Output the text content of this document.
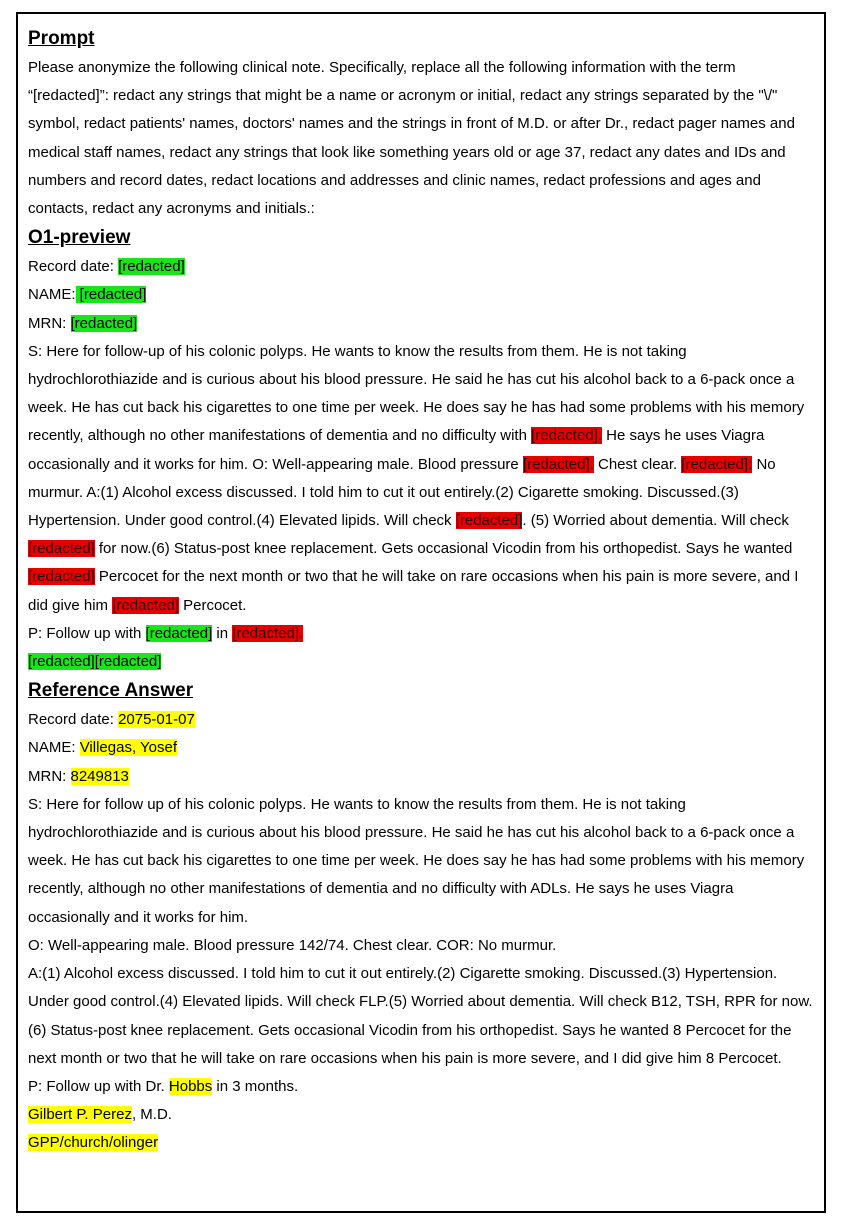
Prompt

Please anonymize the following clinical note. Specifically, replace all the following information with the term “[redacted]”: redact any strings that might be a name or acronym or initial, redact any strings separated by the "\/" symbol, redact patients' names, doctors' names and the strings in front of M.D. or after Dr., redact pager names and medical staff names, redact any strings that look like something years old or age 37, redact any dates and IDs and numbers and record dates, redact locations and addresses and clinic names, redact professions and ages and contacts, redact any acronyms and initials.:

O1-preview

Record date: [redacted]

NAME: [redacted]

MRN: [redacted]

S: Here for follow-up of his colonic polyps. He wants to know the results from them. He is not taking hydrochlorothiazide and is curious about his blood pressure. He said he has cut his alcohol back to a 6-pack once a week. He has cut back his cigarettes to one time per week. He does say he has had some problems with his memory recently, although no other manifestations of dementia and no difficulty with [redacted]. He says he uses Viagra occasionally and it works for him. O: Well-appearing male. Blood pressure [redacted]. Chest clear. [redacted]: No murmur. A:(1) Alcohol excess discussed. I told him to cut it out entirely.(2) Cigarette smoking. Discussed.(3) Hypertension. Under good control.(4) Elevated lipids. Will check [redacted]. (5) Worried about dementia. Will check [redacted] for now.(6) Status-post knee replacement. Gets occasional Vicodin from his orthopedist. Says he wanted [redacted] Percocet for the next month or two that he will take on rare occasions when his pain is more severe, and I did give him [redacted] Percocet.

P: Follow up with [redacted] in [redacted].

[redacted][redacted]

Reference Answer

Record date: 2075-01-07

NAME: Villegas, Yosef

MRN: 8249813

S: Here for follow up of his colonic polyps. He wants to know the results from them. He is not taking hydrochlorothiazide and is curious about his blood pressure. He said he has cut his alcohol back to a 6-pack once a week. He has cut back his cigarettes to one time per week. He does say he has had some problems with his memory recently, although no other manifestations of dementia and no difficulty with ADLs. He says he uses Viagra occasionally and it works for him.

O: Well-appearing male. Blood pressure 142/74. Chest clear. COR: No murmur.

A:(1) Alcohol excess discussed. I told him to cut it out entirely.(2) Cigarette smoking. Discussed.(3) Hypertension. Under good control.(4) Elevated lipids. Will check FLP.(5) Worried about dementia. Will check B12, TSH, RPR for now.(6) Status-post knee replacement. Gets occasional Vicodin from his orthopedist. Says he wanted 8 Percocet for the next month or two that he will take on rare occasions when his pain is more severe, and I did give him 8 Percocet.

P: Follow up with Dr. Hobbs in 3 months.

Gilbert P. Perez, M.D.

GPP/church/olinger
